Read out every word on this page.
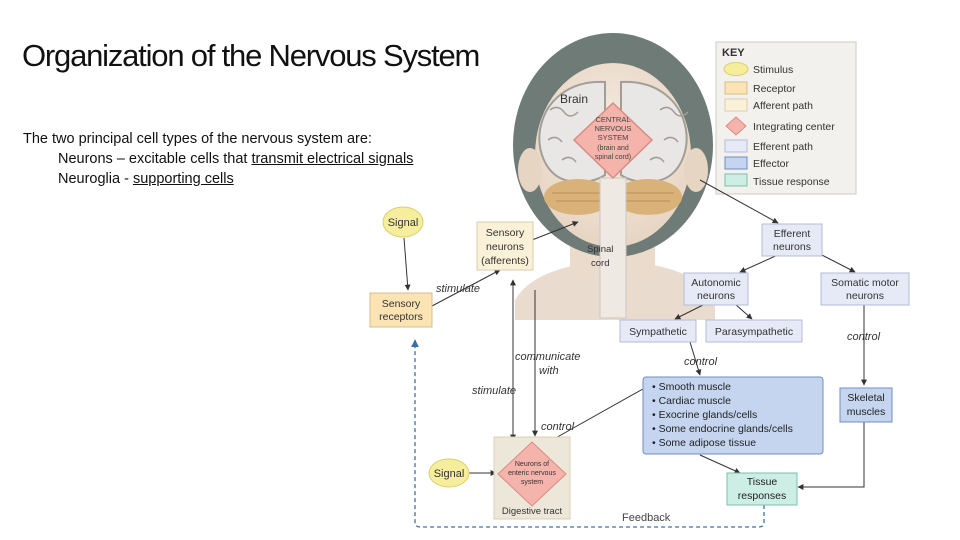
Organization of the Nervous System
The two principal cell types of the nervous system are:
Neurons – excitable cells that transmit electrical signals
Neuroglia - supporting cells
Brain
CENTRAL
NERVOUS
SYSTEM
(brain and
spinal cord)
Spinal
cord
KEY
Stimulus
Receptor
Afferent path
Integrating center
Efferent path
Effector
Tissue response
Signal
Sensory
receptors
Sensory
neurons
(afferents)
Efferent
neurons
Autonomic
neurons
Somatic motor
neurons
Sympathetic	Parasympathetic
• Smooth muscle
• Cardiac muscle
• Exocrine glands/cells
• Some endocrine glands/cells
• Some adipose tissue
Skeletal
muscles
Tissue
responses
Signal
Neurons of
enteric nervous
system
Digestive tract
stimulate
communicate
with
stimulate
control
control
control
Feedback
